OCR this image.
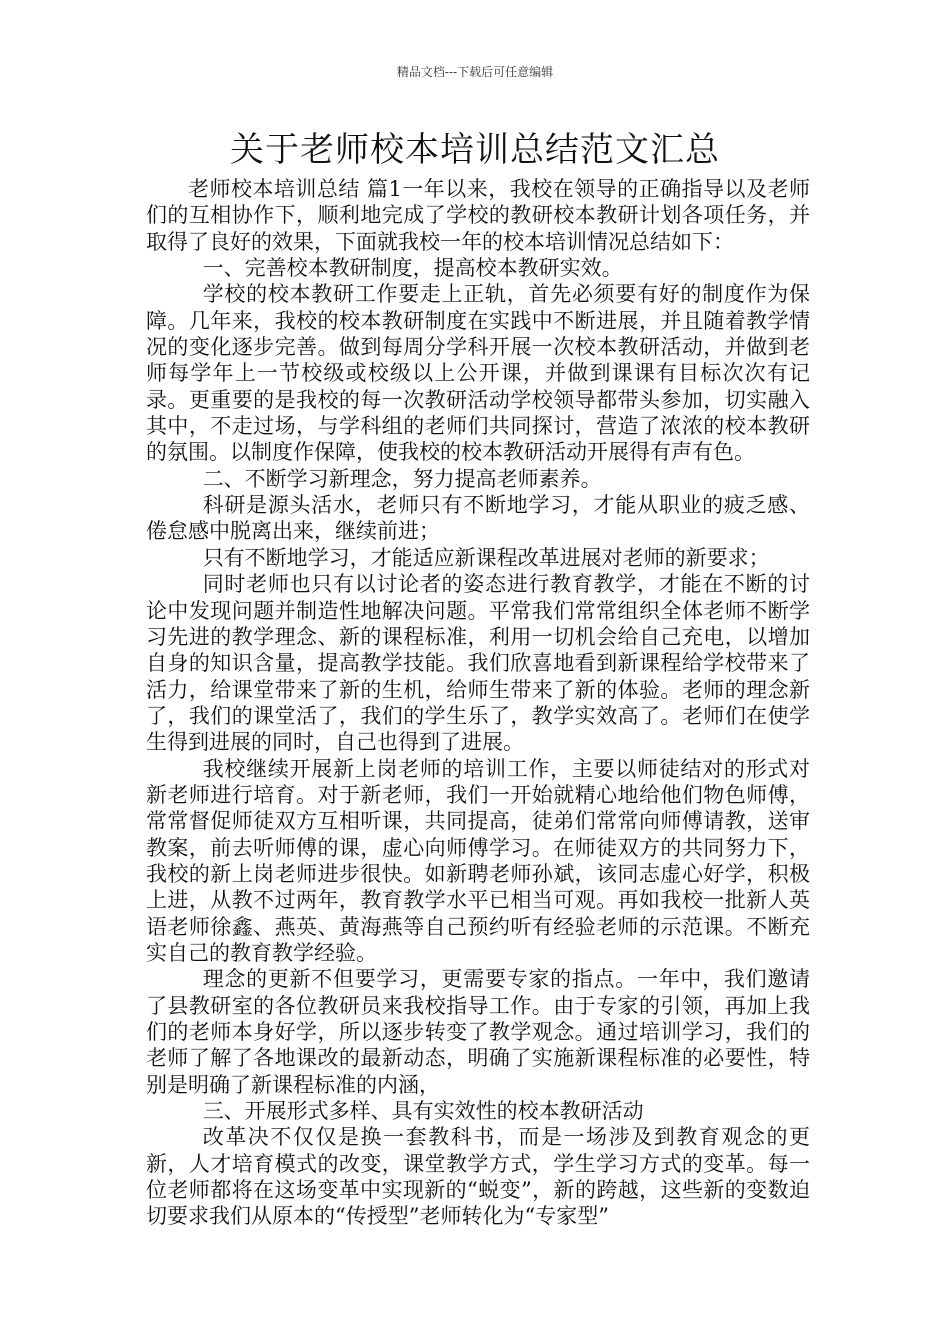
精品文档---下载后可任意编辑
关于老师校本培训总结范文汇总

老师校本培训总结 篇1一年以来，我校在领导的正确指导以及老师们的互相协作下，顺利地完成了学校的教研校本教研计划各项任务，并取得了良好的效果，下面就我校一年的校本培训情况总结如下：

一、完善校本教研制度，提高校本教研实效。

学校的校本教研工作要走上正轨，首先必须要有好的制度作为保障。几年来，我校的校本教研制度在实践中不断进展，并且随着教学情况的变化逐步完善。做到每周分学科开展一次校本教研活动，并做到老师每学年上一节校级或校级以上公开课，并做到课课有目标次次有记录。更重要的是我校的每一次教研活动学校领导都带头参加，切实融入其中，不走过场，与学科组的老师们共同探讨，营造了浓浓的校本教研的氛围。以制度作保障，使我校的校本教研活动开展得有声有色。

二、不断学习新理念，努力提高老师素养。

科研是源头活水，老师只有不断地学习，才能从职业的疲乏感、倦怠感中脱离出来，继续前进；

只有不断地学习，才能适应新课程改革进展对老师的新要求；

同时老师也只有以讨论者的姿态进行教育教学，才能在不断的讨论中发现问题并制造性地解决问题。平常我们常常组织全体老师不断学习先进的教学理念、新的课程标准，利用一切机会给自己充电，以增加自身的知识含量，提高教学技能。我们欣喜地看到新课程给学校带来了活力，给课堂带来了新的生机，给师生带来了新的体验。老师的理念新了，我们的课堂活了，我们的学生乐了，教学实效高了。老师们在使学生得到进展的同时，自己也得到了进展。

我校继续开展新上岗老师的培训工作，主要以师徒结对的形式对新老师进行培育。对于新老师，我们一开始就精心地给他们物色师傅，常常督促师徒双方互相听课，共同提高，徒弟们常常向师傅请教，送审教案，前去听师傅的课，虚心向师傅学习。在师徒双方的共同努力下，我校的新上岗老师进步很快。如新聘老师孙斌，该同志虚心好学，积极上进，从教不过两年，教育教学水平已相当可观。再如我校一批新人英语老师徐鑫、燕英、黄海燕等自己预约听有经验老师的示范课。不断充实自己的教育教学经验。

理念的更新不但要学习，更需要专家的指点。一年中，我们邀请了县教研室的各位教研员来我校指导工作。由于专家的引领，再加上我们的老师本身好学，所以逐步转变了教学观念。通过培训学习，我们的老师了解了各地课改的最新动态，明确了实施新课程标准的必要性，特别是明确了新课程标准的内涵，

三、开展形式多样、具有实效性的校本教研活动

改革决不仅仅是换一套教科书，而是一场涉及到教育观念的更新，人才培育模式的改变，课堂教学方式，学生学习方式的变革。每一位老师都将在这场变革中实现新的“蜕变”，新的跨越，这些新的变数迫切要求我们从原本的“传授型”老师转化为“专家型”
